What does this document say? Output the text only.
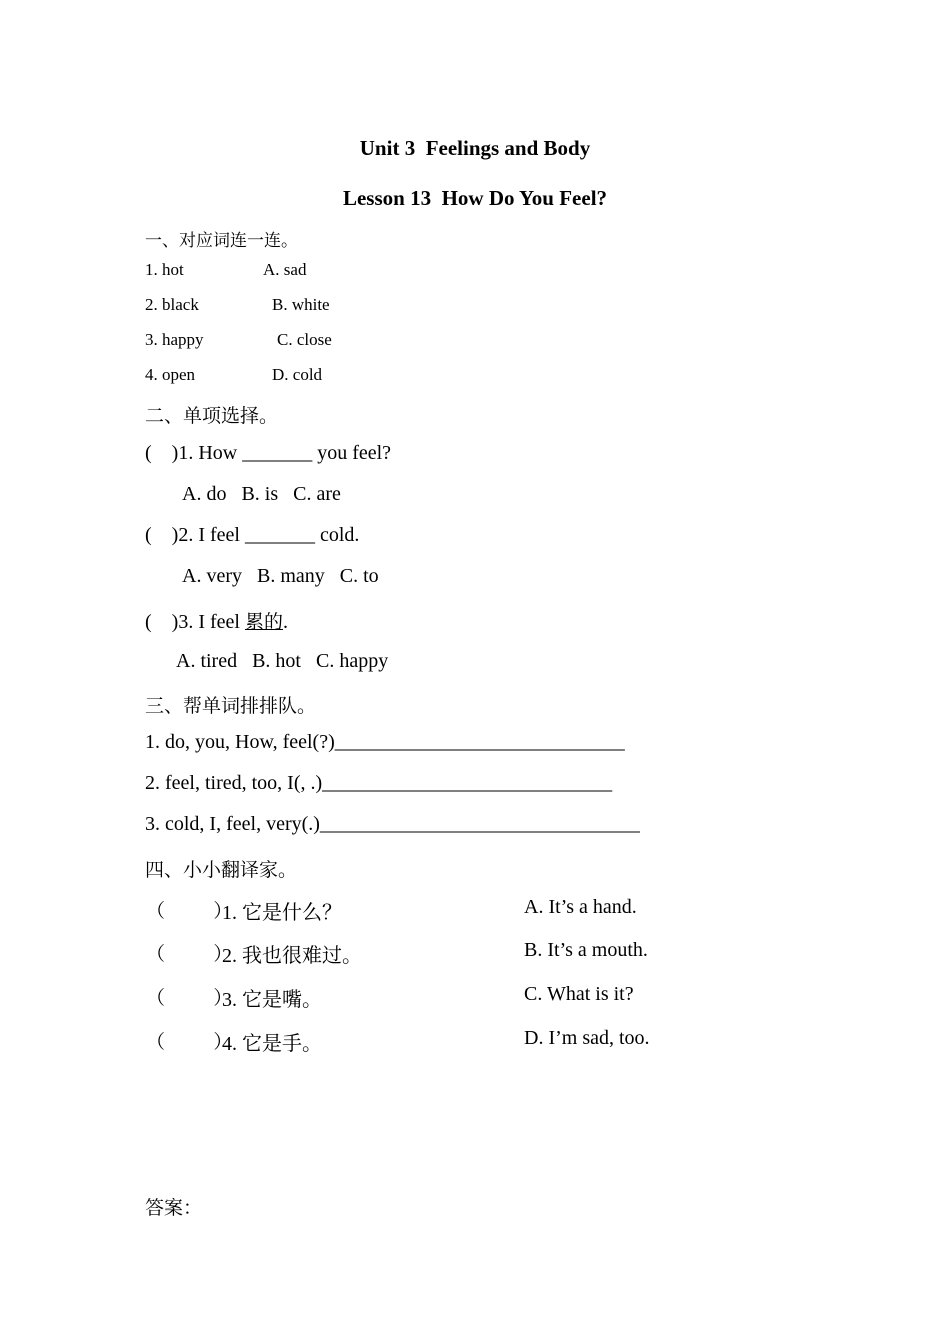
Unit 3  Feelings and Body
Lesson 13  How Do You Feel?
一、对应词连一连。
1. hot	A. sad
2. black	B. white
3. happy	C. close
4. open	D. cold
二、单项选择。
(    )1. How _______ you feel?
A. do   B. is   C. are
(    )2. I feel _______ cold.
A. very   B. many   C. to
(    )3. I feel 累的.
A. tired   B. hot   C. happy
三、帮单词排排队。
1. do, you, How, feel(?)_____________________________
2. feel, tired, too, I(, .)_____________________________
3. cold, I, feel, very(.)________________________________
四、小小翻译家。
（        ）
1. 它是什么？	A. It’s a hand.
（        ）
2. 我也很难过。	B. It’s a mouth.
（        ）
3. 它是嘴。	C. What is it?
（        ）
4. 它是手。	D. I’m sad, too.
答案：
